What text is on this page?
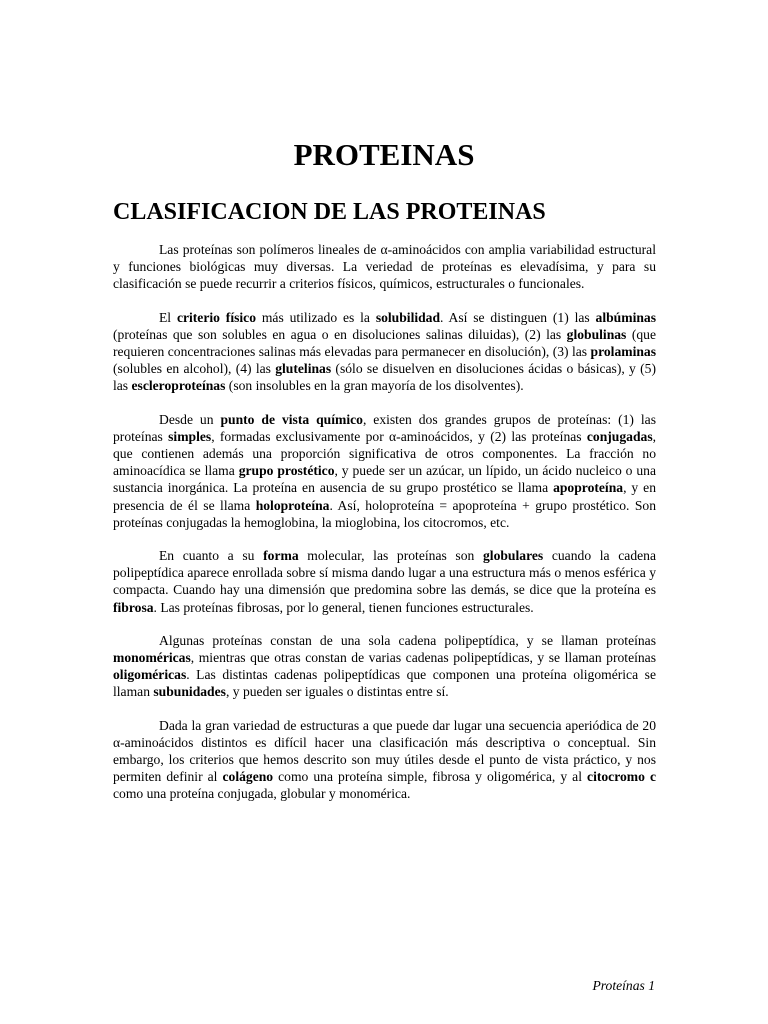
PROTEINAS
CLASIFICACION DE LAS PROTEINAS

Las proteínas son polímeros lineales de α-aminoácidos con amplia variabilidad estructural y funciones biológicas muy diversas. La veriedad de proteínas es elevadísima, y para su clasificación se puede recurrir a criterios físicos, químicos, estructurales o funcionales.

El criterio físico más utilizado es la solubilidad. Así se distinguen (1) las albúminas (proteínas que son solubles en agua o en disoluciones salinas diluidas), (2) las globulinas (que requieren concentraciones salinas más elevadas para permanecer en disolución), (3) las prolaminas (solubles en alcohol), (4) las glutelinas (sólo se disuelven en disoluciones ácidas o básicas), y (5) las escleroproteínas (son insolubles en la gran mayoría de los disolventes).

Desde un punto de vista químico, existen dos grandes grupos de proteínas: (1) las proteínas simples, formadas exclusivamente por α-aminoácidos, y (2) las proteínas conjugadas, que contienen además una proporción significativa de otros componentes. La fracción no aminoacídica se llama grupo prostético, y puede ser un azúcar, un lípido, un ácido nucleico o una sustancia inorgánica. La proteína en ausencia de su grupo prostético se llama apoproteína, y en presencia de él se llama holoproteína. Así, holoproteína = apoproteína + grupo prostético. Son proteínas conjugadas la hemoglobina, la mioglobina, los citocromos, etc.

En cuanto a su forma molecular, las proteínas son globulares cuando la cadena polipeptídica aparece enrollada sobre sí misma dando lugar a una estructura más o menos esférica y compacta. Cuando hay una dimensión que predomina sobre las demás, se dice que la proteína es fibrosa. Las proteínas fibrosas, por lo general, tienen funciones estructurales.

Algunas proteínas constan de una sola cadena polipeptídica, y se llaman proteínas monoméricas, mientras que otras constan de varias cadenas polipeptídicas, y se llaman proteínas oligoméricas. Las distintas cadenas polipeptídicas que componen una proteína oligomérica se llaman subunidades, y pueden ser iguales o distintas entre sí.

Dada la gran variedad de estructuras a que puede dar lugar una secuencia aperiódica de 20 α-aminoácidos distintos es difícil hacer una clasificación más descriptiva o conceptual. Sin embargo, los criterios que hemos descrito son muy útiles desde el punto de vista práctico, y nos permiten definir al colágeno como una proteína simple, fibrosa y oligomérica, y al citocromo c como una proteína conjugada, globular y monomérica.

Proteínas 1
